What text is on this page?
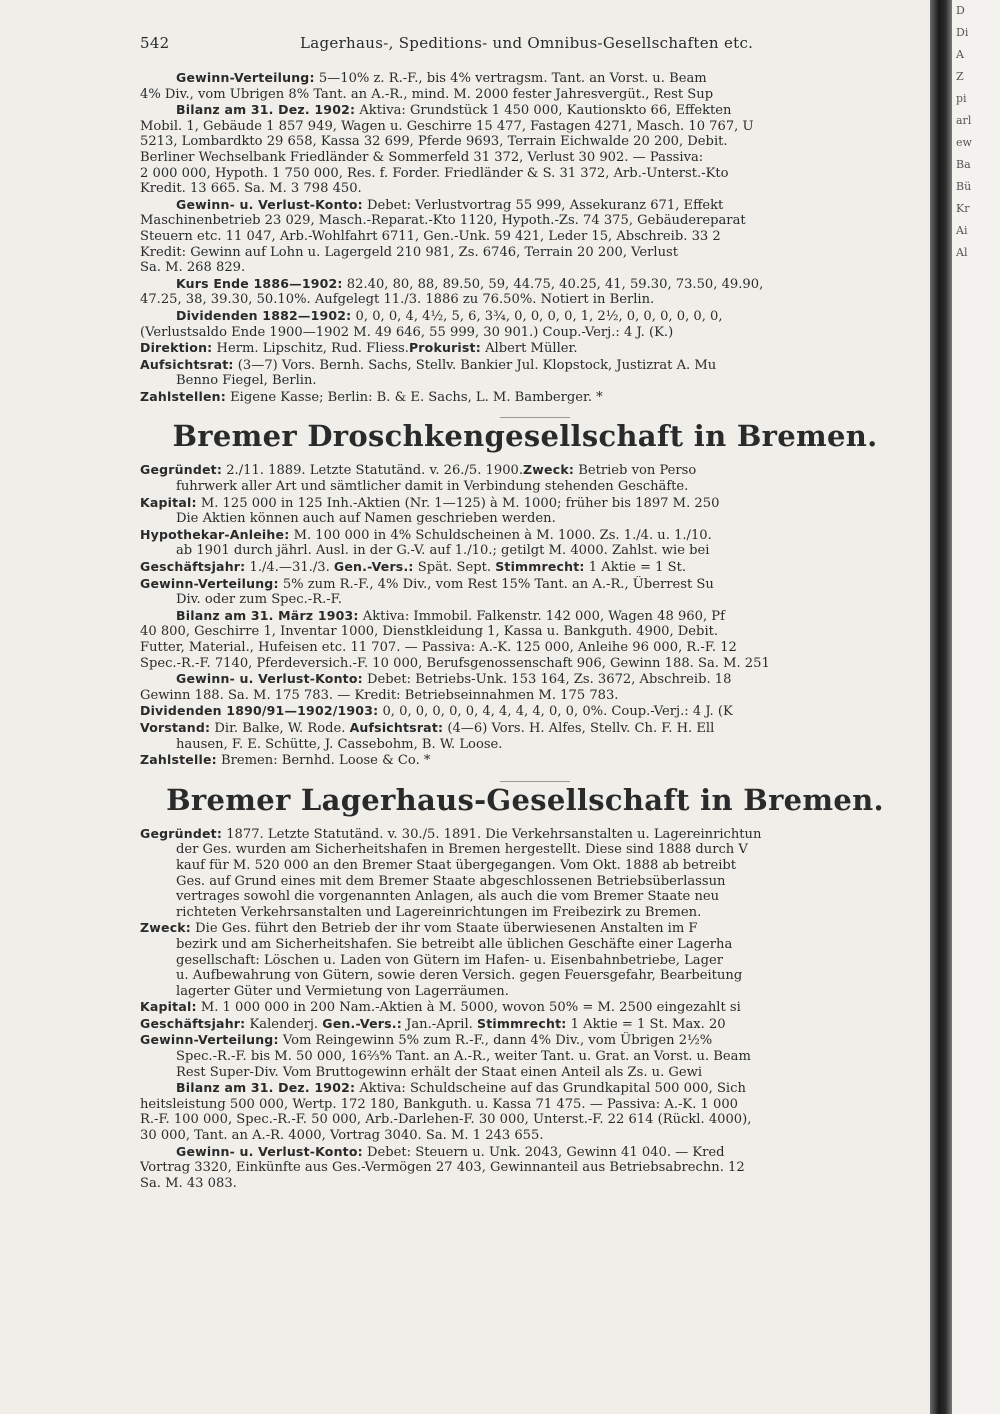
542	Lagerhaus-, Speditions- und Omnibus-Gesellschaften etc.

Gewinn-Verteilung: 5—10% z. R.-F., bis 4% vertragsm. Tant. an Vorst. u. Beam

4% Div., vom Übrigen 8% Tant. an A.-R., mind. M. 2000 fester Jahresvergüt., Rest Sup

Bilanz am 31. Dez. 1902: Aktiva: Grundstück 1 450 000, Kautionskto 66, Effekten

Mobil. 1, Gebäude 1 857 949, Wagen u. Geschirre 15 477, Fastagen 4271, Masch. 10 767, U

5213, Lombardkto 29 658, Kassa 32 699, Pferde 9693, Terrain Eichwalde 20 200, Debit.

Berliner Wechselbank Friedländer & Sommerfeld 31 372, Verlust 30 902. — Passiva:

2 000 000, Hypoth. 1 750 000, Res. f. Forder. Friedländer & S. 31 372, Arb.-Unterst.-Kto

Kredit. 13 665. Sa. M. 3 798 450.

Gewinn- u. Verlust-Konto: Debet: Verlustvortrag 55 999, Assekuranz 671, Effekt

Maschinenbetrieb 23 029, Masch.-Reparat.-Kto 1120, Hypoth.-Zs. 74 375, Gebäudereparat

Steuern etc. 11 047, Arb.-Wohlfahrt 6711, Gen.-Unk. 59 421, Leder 15, Abschreib. 33 2

Kredit: Gewinn auf Lohn u. Lagergeld 210 981, Zs. 6746, Terrain 20 200, Verlust

Sa. M. 268 829.

Kurs Ende 1886—1902: 82.40, 80, 88, 89.50, 59, 44.75, 40.25, 41, 59.30, 73.50, 49.90,

47.25, 38, 39.30, 50.10%. Aufgelegt 11./3. 1886 zu 76.50%. Notiert in Berlin.

Dividenden 1882—1902: 0, 0, 0, 4, 4½, 5, 6, 3¾, 0, 0, 0, 0, 1, 2½, 0, 0, 0, 0, 0, 0,

(Verlustsaldo Ende 1900—1902 M. 49 646, 55 999, 30 901.) Coup.-Verj.: 4 J. (K.)

Direktion: Herm. Lipschitz, Rud. Fliess.Prokurist: Albert Müller.

Aufsichtsrat: (3—7) Vors. Bernh. Sachs, Stellv. Bankier Jul. Klopstock, Justizrat A. Mu

Benno Fiegel, Berlin.

Zahlstellen: Eigene Kasse; Berlin: B. & E. Sachs, L. M. Bamberger. *

Bremer Droschkengesellschaft in Bremen.

Gegründet: 2./11. 1889. Letzte Statutänd. v. 26./5. 1900.Zweck: Betrieb von Perso

fuhrwerk aller Art und sämtlicher damit in Verbindung stehenden Geschäfte.

Kapital: M. 125 000 in 125 Inh.-Aktien (Nr. 1—125) à M. 1000; früher bis 1897 M. 250

Die Aktien können auch auf Namen geschrieben werden.

Hypothekar-Anleihe: M. 100 000 in 4% Schuldscheinen à M. 1000. Zs. 1./4. u. 1./10.

ab 1901 durch jährl. Ausl. in der G.-V. auf 1./10.; getilgt M. 4000. Zahlst. wie bei

Geschäftsjahr: 1./4.—31./3. Gen.-Vers.: Spät. Sept. Stimmrecht: 1 Aktie = 1 St.

Gewinn-Verteilung: 5% zum R.-F., 4% Div., vom Rest 15% Tant. an A.-R., Überrest Su

Div. oder zum Spec.-R.-F.

Bilanz am 31. März 1903: Aktiva: Immobil. Falkenstr. 142 000, Wagen 48 960, Pf

40 800, Geschirre 1, Inventar 1000, Dienstkleidung 1, Kassa u. Bankguth. 4900, Debit.

Futter, Material., Hufeisen etc. 11 707. — Passiva: A.-K. 125 000, Anleihe 96 000, R.-F. 12

Spec.-R.-F. 7140, Pferdeversich.-F. 10 000, Berufsgenossenschaft 906, Gewinn 188. Sa. M. 251

Gewinn- u. Verlust-Konto: Debet: Betriebs-Unk. 153 164, Zs. 3672, Abschreib. 18

Gewinn 188. Sa. M. 175 783. — Kredit: Betriebseinnahmen M. 175 783.

Dividenden 1890/91—1902/1903: 0, 0, 0, 0, 0, 0, 4, 4, 4, 4, 0, 0, 0%. Coup.-Verj.: 4 J. (K

Vorstand: Dir. Balke, W. Rode. Aufsichtsrat: (4—6) Vors. H. Alfes, Stellv. Ch. F. H. Ell

hausen, F. E. Schütte, J. Cassebohm, B. W. Loose.

Zahlstelle: Bremen: Bernhd. Loose & Co. *

Bremer Lagerhaus-Gesellschaft in Bremen.

Gegründet: 1877. Letzte Statutänd. v. 30./5. 1891. Die Verkehrsanstalten u. Lagereinrichtun

der Ges. wurden am Sicherheitshafen in Bremen hergestellt. Diese sind 1888 durch V

kauf für M. 520 000 an den Bremer Staat übergegangen. Vom Okt. 1888 ab betreibt

Ges. auf Grund eines mit dem Bremer Staate abgeschlossenen Betriebsüberlassun

vertrages sowohl die vorgenannten Anlagen, als auch die vom Bremer Staate neu

richteten Verkehrsanstalten und Lagereinrichtungen im Freibezirk zu Bremen.

Zweck: Die Ges. führt den Betrieb der ihr vom Staate überwiesenen Anstalten im F

bezirk und am Sicherheitshafen. Sie betreibt alle üblichen Geschäfte einer Lagerha

gesellschaft: Löschen u. Laden von Gütern im Hafen- u. Eisenbahnbetriebe, Lager

u. Aufbewahrung von Gütern, sowie deren Versich. gegen Feuersgefahr, Bearbeitung

lagerter Güter und Vermietung von Lagerräumen.

Kapital: M. 1 000 000 in 200 Nam.-Aktien à M. 5000, wovon 50% = M. 2500 eingezahlt si

Geschäftsjahr: Kalenderj. Gen.-Vers.: Jan.-April. Stimmrecht: 1 Aktie = 1 St. Max. 20

Gewinn-Verteilung: Vom Reingewinn 5% zum R.-F., dann 4% Div., vom Übrigen 2½%

Spec.-R.-F. bis M. 50 000, 16⅔% Tant. an A.-R., weiter Tant. u. Grat. an Vorst. u. Beam

Rest Super-Div. Vom Bruttogewinn erhält der Staat einen Anteil als Zs. u. Gewi

Bilanz am 31. Dez. 1902: Aktiva: Schuldscheine auf das Grundkapital 500 000, Sich

heitsleistung 500 000, Wertp. 172 180, Bankguth. u. Kassa 71 475. — Passiva: A.-K. 1 000

R.-F. 100 000, Spec.-R.-F. 50 000, Arb.-Darlehen-F. 30 000, Unterst.-F. 22 614 (Rückl. 4000),

30 000, Tant. an A.-R. 4000, Vortrag 3040. Sa. M. 1 243 655.

Gewinn- u. Verlust-Konto: Debet: Steuern u. Unk. 2043, Gewinn 41 040. — Kred

Vortrag 3320, Einkünfte aus Ges.-Vermögen 27 403, Gewinnanteil aus Betriebsabrechn. 12

Sa. M. 43 083.

D
Di
A
Z
pi
arl
ew
Ba
Bü
Kr
Ai
Al
